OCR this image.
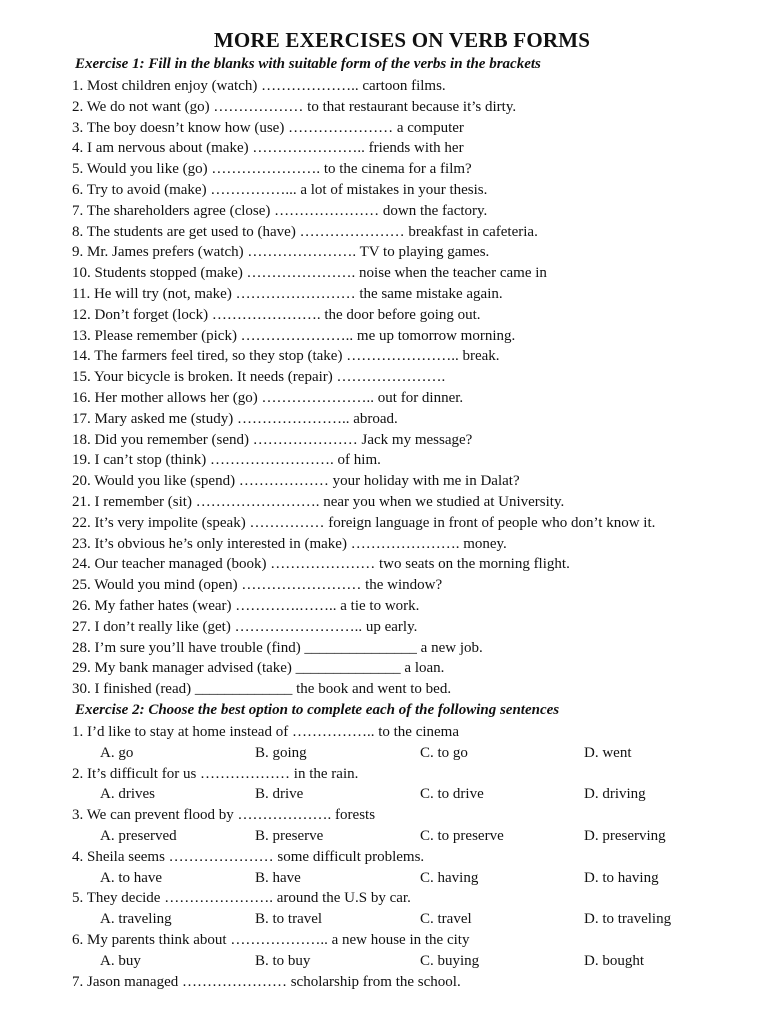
MORE EXERCISES ON VERB FORMS
Exercise 1: Fill in the blanks with suitable form of the verbs in the brackets
1. Most children enjoy (watch) ……………….. cartoon films.
2. We do not want (go) ……………… to that restaurant because it’s dirty.
3. The boy doesn’t know how (use) ………………… a computer
4. I am nervous about (make) ………………….. friends with her
5. Would you like (go) …………………. to the cinema for a film?
6. Try to avoid (make) ……………... a lot of mistakes in your thesis.
7. The shareholders agree (close) ………………… down the factory.
8. The students are get used to (have) ………………… breakfast in cafeteria.
9. Mr. James prefers (watch) …………………. TV to playing games.
10. Students stopped (make) …………………. noise when the teacher came in
11. He will try (not, make) …………………… the same mistake again.
12. Don’t forget (lock) …………………. the door before going out.
13. Please remember (pick) ………………….. me up tomorrow morning.
14. The farmers feel tired, so they stop (take) ………………….. break.
15. Your bicycle is broken. It needs (repair) ………………….
16. Her mother allows her (go) ………………….. out for dinner.
17. Mary asked me (study) ………………….. abroad.
18. Did you remember (send) ………………… Jack my message?
19. I can’t stop (think) ……………………. of him.
20. Would you like (spend) ……………… your holiday with me in Dalat?
21. I remember (sit) ……………………. near you when we studied at University.
22. It’s very impolite (speak) …………… foreign language in front of people who don’t know it.
23. It’s obvious he’s only interested in (make) …………………. money.
24. Our teacher managed (book) ………………… two seats on the morning flight.
25. Would you mind (open) …………………… the window?
26. My father hates (wear) ………….…….. a tie to work.
27. I don’t really like (get) …………………….. up early.
28. I’m sure you’ll have trouble (find) _______________ a new job.
29. My bank manager advised (take) ______________ a loan.
30. I finished (read) _____________ the book and went to bed.
Exercise 2: Choose the best option to complete each of the following sentences
1. I’d like to stay at home instead of …………….. to the cinema
A. go	B. going	C. to go	D. went
2. It’s difficult for us ……………… in the rain.
A. drives	B. drive	C. to drive	D. driving
3. We can prevent flood by ………………. forests
A. preserved	B. preserve	C. to preserve	D. preserving
4. Sheila seems ………………… some difficult problems.
A. to have	B. have	C. having	D. to having
5. They decide …………………. around the U.S by car.
A. traveling	B. to travel	C. travel	D. to traveling
6. My parents think about ……………….. a new house in the city
A. buy	B. to buy	C. buying	D. bought
7. Jason managed ………………… scholarship from the school.
